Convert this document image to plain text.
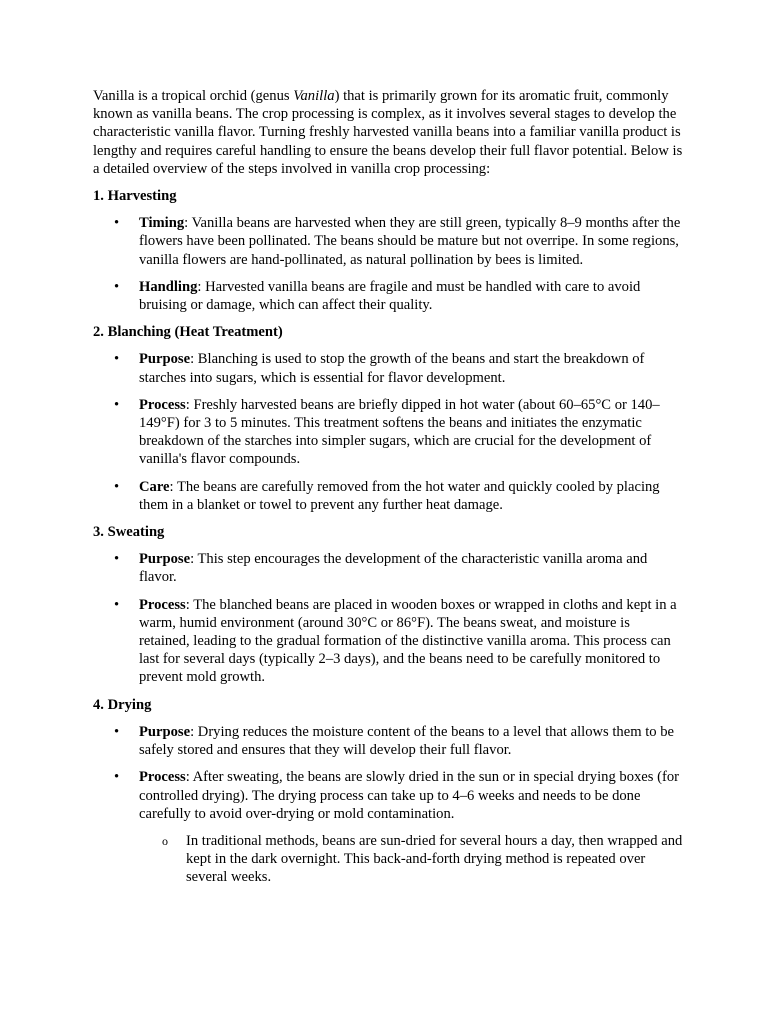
Vanilla is a tropical orchid (genus Vanilla) that is primarily grown for its aromatic fruit, commonly known as vanilla beans. The crop processing is complex, as it involves several stages to develop the characteristic vanilla flavor. Turning freshly harvested vanilla beans into a familiar vanilla product is lengthy and requires careful handling to ensure the beans develop their full flavor potential. Below is a detailed overview of the steps involved in vanilla crop processing:

1. Harvesting

• Timing: Vanilla beans are harvested when they are still green, typically 8–9 months after the flowers have been pollinated. The beans should be mature but not overripe. In some regions, vanilla flowers are hand-pollinated, as natural pollination by bees is limited.
• Handling: Harvested vanilla beans are fragile and must be handled with care to avoid bruising or damage, which can affect their quality.

2. Blanching (Heat Treatment)

• Purpose: Blanching is used to stop the growth of the beans and start the breakdown of starches into sugars, which is essential for flavor development.
• Process: Freshly harvested beans are briefly dipped in hot water (about 60–65°C or 140–149°F) for 3 to 5 minutes. This treatment softens the beans and initiates the enzymatic breakdown of the starches into simpler sugars, which are crucial for the development of vanilla's flavor compounds.
• Care: The beans are carefully removed from the hot water and quickly cooled by placing them in a blanket or towel to prevent any further heat damage.

3. Sweating

• Purpose: This step encourages the development of the characteristic vanilla aroma and flavor.
• Process: The blanched beans are placed in wooden boxes or wrapped in cloths and kept in a warm, humid environment (around 30°C or 86°F). The beans sweat, and moisture is retained, leading to the gradual formation of the distinctive vanilla aroma. This process can last for several days (typically 2–3 days), and the beans need to be carefully monitored to prevent mold growth.

4. Drying

• Purpose: Drying reduces the moisture content of the beans to a level that allows them to be safely stored and ensures that they will develop their full flavor.
• Process: After sweating, the beans are slowly dried in the sun or in special drying boxes (for controlled drying). The drying process can take up to 4–6 weeks and needs to be done carefully to avoid over-drying or mold contamination.
o In traditional methods, beans are sun-dried for several hours a day, then wrapped and kept in the dark overnight. This back-and-forth drying method is repeated over several weeks.
